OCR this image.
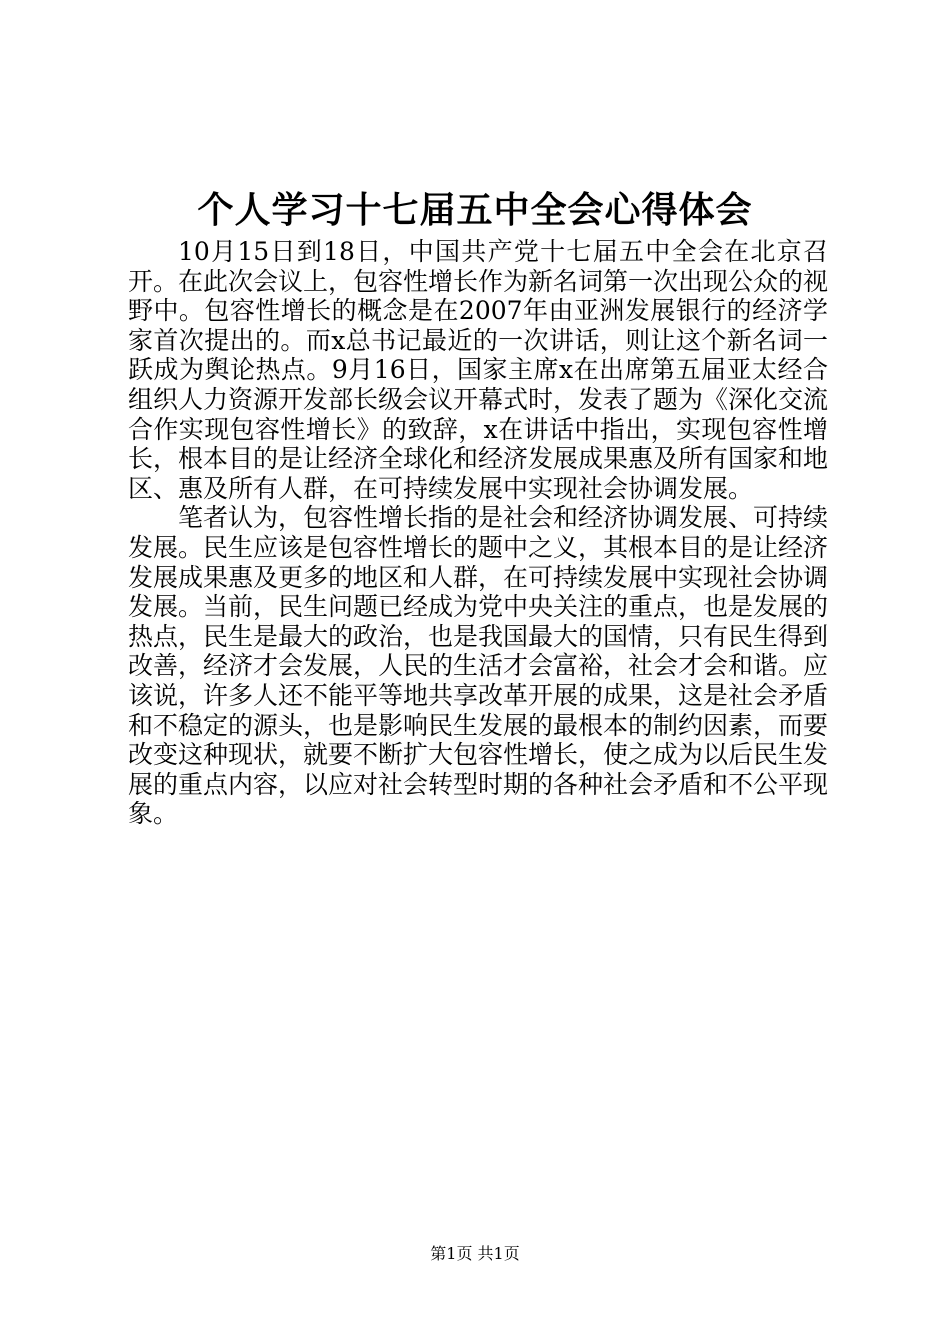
个人学习十七届五中全会心得体会

10月15日到18日，中国共产党十七届五中全会在北京召开。在此次会议上，包容性增长作为新名词第一次出现公众的视野中。包容性增长的概念是在2007年由亚洲发展银行的经济学家首次提出的。而x总书记最近的一次讲话，则让这个新名词一跃成为舆论热点。9月16日，国家主席x在出席第五届亚太经合组织人力资源开发部长级会议开幕式时，发表了题为《深化交流合作实现包容性增长》的致辞，x在讲话中指出，实现包容性增长，根本目的是让经济全球化和经济发展成果惠及所有国家和地区、惠及所有人群，在可持续发展中实现社会协调发展。

笔者认为，包容性增长指的是社会和经济协调发展、可持续发展。民生应该是包容性增长的题中之义，其根本目的是让经济发展成果惠及更多的地区和人群，在可持续发展中实现社会协调发展。当前，民生问题已经成为党中央关注的重点，也是发展的热点，民生是最大的政治，也是我国最大的国情，只有民生得到改善，经济才会发展，人民的生活才会富裕，社会才会和谐。应该说，许多人还不能平等地共享改革开展的成果，这是社会矛盾和不稳定的源头，也是影响民生发展的最根本的制约因素，而要改变这种现状，就要不断扩大包容性增长，使之成为以后民生发展的重点内容，以应对社会转型时期的各种社会矛盾和不公平现象。

第1页 共1页
